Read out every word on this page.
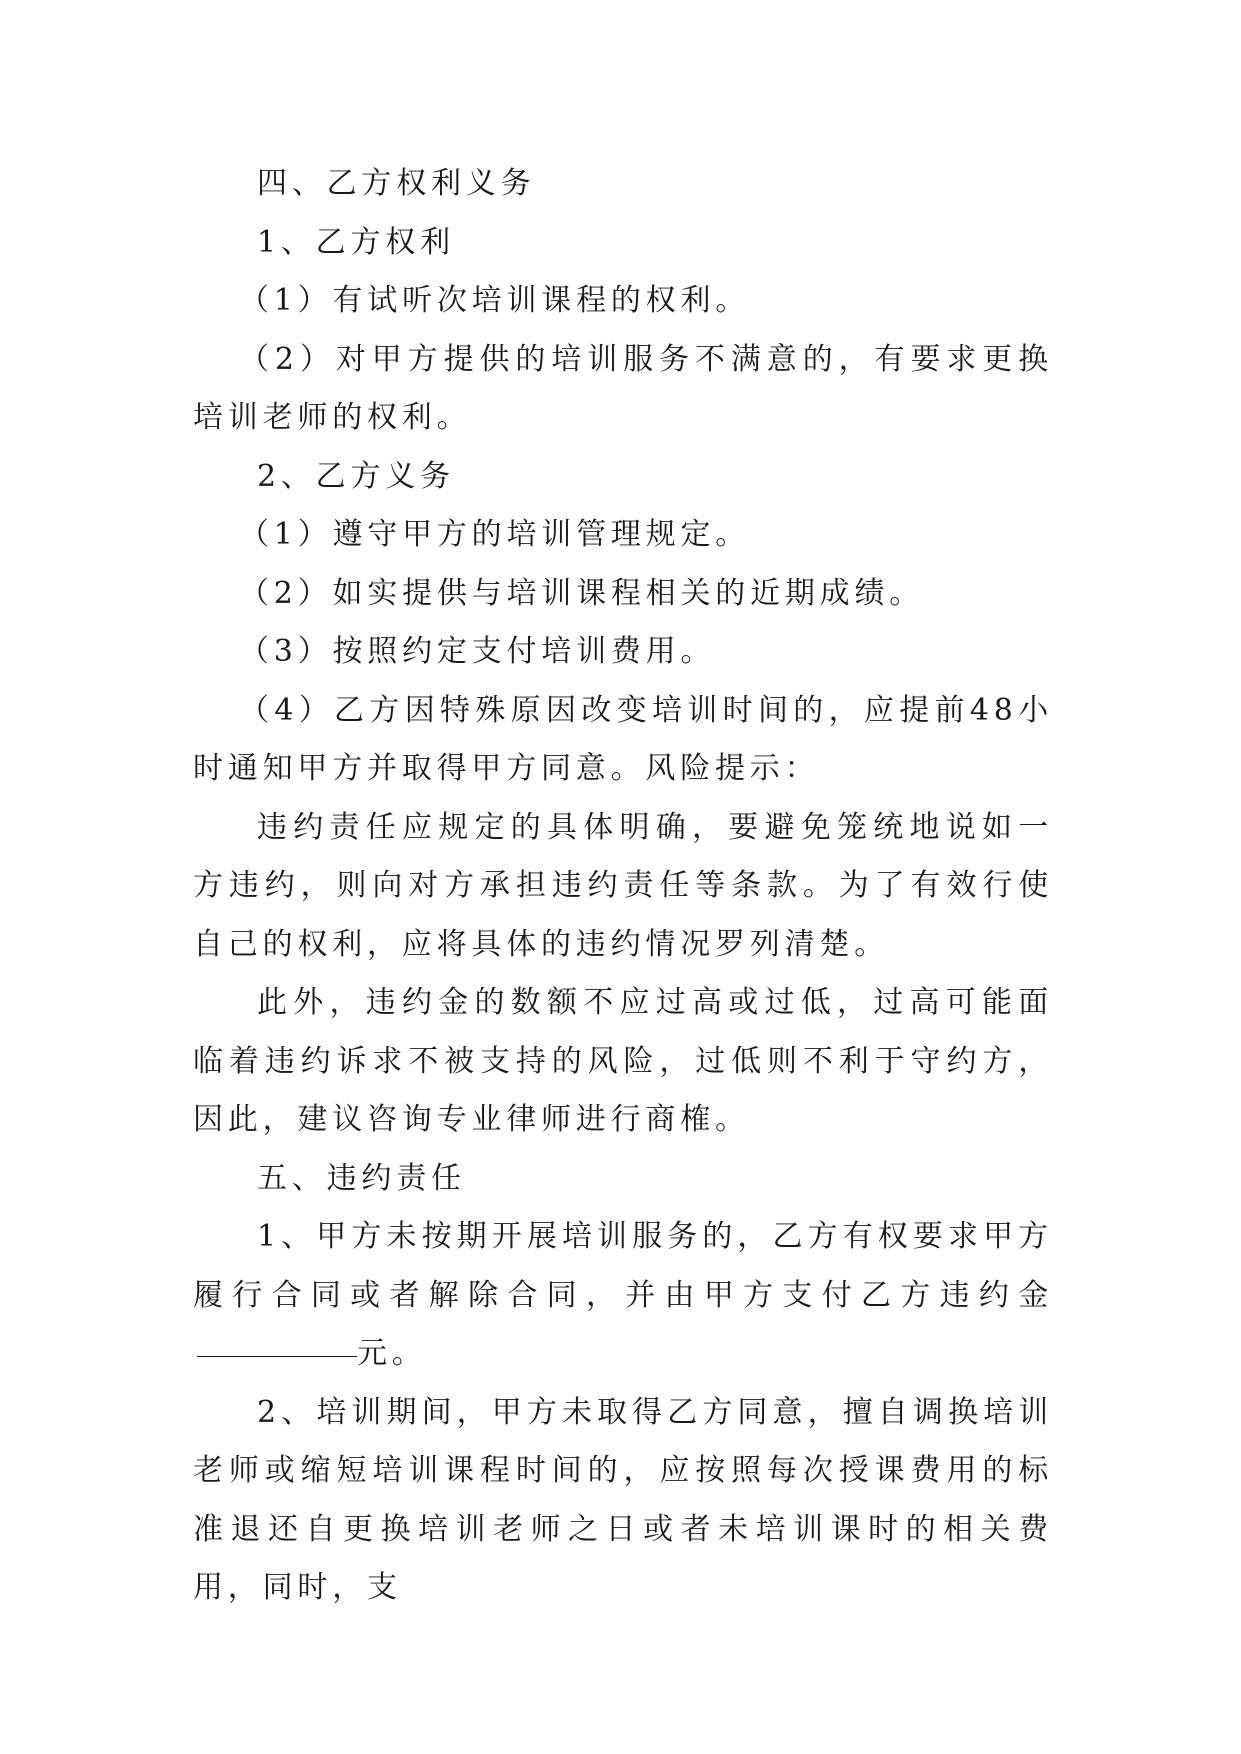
四、乙方权利义务

1、乙方权利

（1）有试听次培训课程的权利。

（2）对甲方提供的培训服务不满意的，有要求更换培训老师的权利。

2、乙方义务

（1）遵守甲方的培训管理规定。

（2）如实提供与培训课程相关的近期成绩。

（3）按照约定支付培训费用。

（4）乙方因特殊原因改变培训时间的，应提前48小时通知甲方并取得甲方同意。风险提示：

违约责任应规定的具体明确，要避免笼统地说如一方违约，则向对方承担违约责任等条款。为了有效行使自己的权利，应将具体的违约情况罗列清楚。

此外，违约金的数额不应过高或过低，过高可能面临着违约诉求不被支持的风险，过低则不利于守约方，因此，建议咨询专业律师进行商榷。

五、违约责任

1、甲方未按期开展培训服务的，乙方有权要求甲方履行合同或者解除合同，并由甲方支付乙方违约金元。

2、培训期间，甲方未取得乙方同意，擅自调换培训老师或缩短培训课程时间的，应按照每次授课费用的标准退还自更换培训老师之日或者未培训课时的相关费用，同时，支
